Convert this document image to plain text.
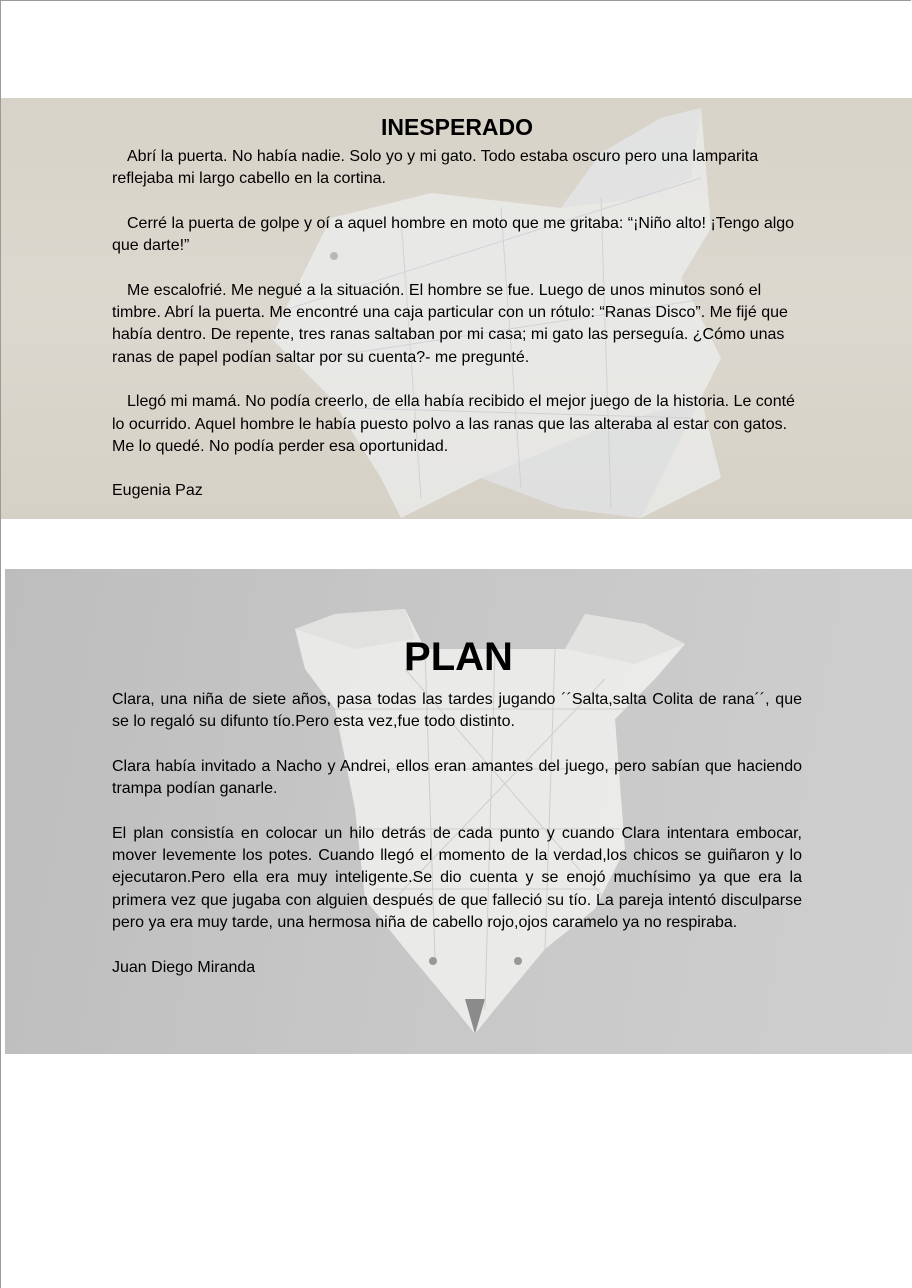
INESPERADO

Abrí la puerta. No había nadie. Solo yo y mi gato. Todo estaba oscuro pero una lamparita reflejaba mi largo cabello en la cortina.

Cerré la puerta de golpe y oí a aquel hombre en moto que me gritaba: “¡Niño alto! ¡Tengo algo que darte!”

Me escalofrié. Me negué a la situación. El hombre se fue. Luego de unos minutos sonó el timbre. Abrí la puerta. Me encontré una caja particular con un rótulo: “Ranas Disco”. Me fijé que había dentro. De repente, tres ranas saltaban por mi casa; mi gato las perseguía. ¿Cómo unas ranas de papel podían saltar por su cuenta?- me pregunté.

Llegó mi mamá. No podía creerlo, de ella había recibido el mejor juego de la historia. Le conté lo ocurrido. Aquel hombre le había puesto polvo a las ranas que las alteraba al estar con gatos. Me lo quedé. No podía perder esa oportunidad.

Eugenia Paz

PLAN

Clara, una niña de siete años, pasa todas las tardes jugando ´´Salta,salta Colita de rana´´, que se lo regaló su difunto tío.Pero esta vez,fue todo distinto.

Clara había invitado a Nacho y Andrei, ellos eran amantes del juego, pero sabían que haciendo trampa podían ganarle.

El plan consistía en colocar un hilo detrás de cada punto y cuando Clara intentara embocar, mover levemente los potes. Cuando llegó el momento de la verdad,los chicos se guiñaron y lo ejecutaron.Pero ella era muy inteligente.Se dio cuenta y se enojó muchísimo ya que era la primera vez que jugaba con alguien después de que falleció su tío. La pareja intentó disculparse pero ya era muy tarde, una hermosa niña de cabello rojo,ojos caramelo ya no respiraba.

Juan Diego Miranda
